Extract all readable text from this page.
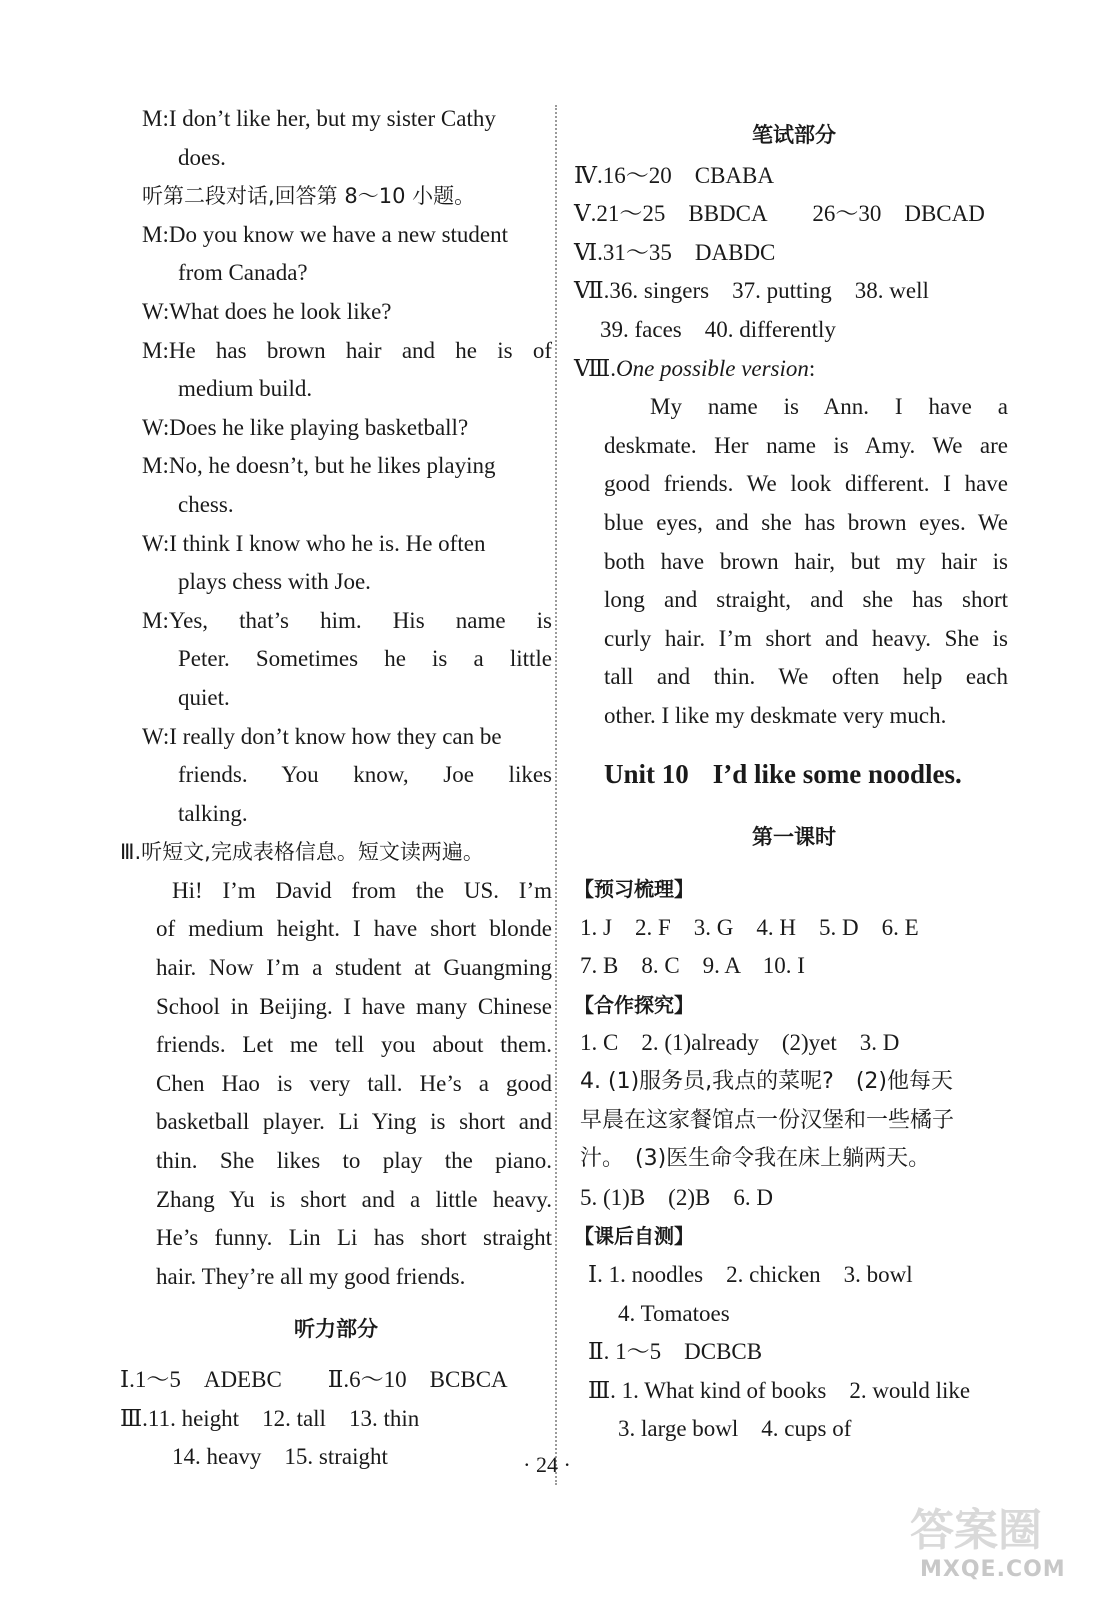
M:I don’t like her, but my sister Cathy
does.
听第二段对话,回答第 8～10 小题。
M:Do you know we have a new student
from Canada?
W:What does he look like?
M:He has brown hair and he is of
medium build.
W:Does he like playing basketball?
M:No, he doesn’t, but he likes playing
chess.
W:I think I know who he is. He often
plays chess with Joe.
M:Yes, that’s him. His name is
Peter. Sometimes he is a little
quiet.
W:I really don’t know how they can be
friends. You know, Joe likes
talking.
Ⅲ.听短文,完成表格信息。短文读两遍。
Hi! I’m David from the US. I’m
of medium height. I have short blonde
hair. Now I’m a student at Guangming
School in Beijing. I have many Chinese
friends. Let me tell you about them.
Chen Hao is very tall. He’s a good
basketball player. Li Ying is short and
thin. She likes to play the piano.
Zhang Yu is short and a little heavy.
He’s funny. Lin Li has short straight
hair. They’re all my good friends.
听力部分
Ⅰ.1～5　ADEBC　　Ⅱ.6～10　BCBCA
Ⅲ.11. height　12. tall　13. thin
14. heavy　15. straight
笔试部分
Ⅳ.16～20　CBABA
Ⅴ.21～25　BBDCA　　26～30　DBCAD
Ⅵ.31～35　DABDC
Ⅶ.36. singers　37. putting　38. well
39. faces　40. differently
Ⅷ.One possible version:
My name is Ann. I have a
deskmate. Her name is Amy. We are
good friends. We look different. I have
blue eyes, and she has brown eyes. We
both have brown hair, but my hair is
long and straight, and she has short
curly hair. I’m short and heavy. She is
tall and thin. We often help each
other. I like my deskmate very much.
Unit 10 I’d like some noodles.
第一课时
【预习梳理】
1. J　2. F　3. G　4. H　5. D　6. E
7. B　8. C　9. A　10. I
【合作探究】
1. C　2. (1)already　(2)yet　3. D
4. (1)服务员,我点的菜呢?　(2)他每天
早晨在这家餐馆点一份汉堡和一些橘子
汁。　(3)医生命令我在床上躺两天。
5. (1)B　(2)B　6. D
【课后自测】
Ⅰ. 1. noodles　2. chicken　3. bowl
4. Tomatoes
Ⅱ. 1～5　DCBCB
Ⅲ. 1. What kind of books　2. would like
3. large bowl　4. cups of
· 24 ·
答案圈
MXQE.COM
